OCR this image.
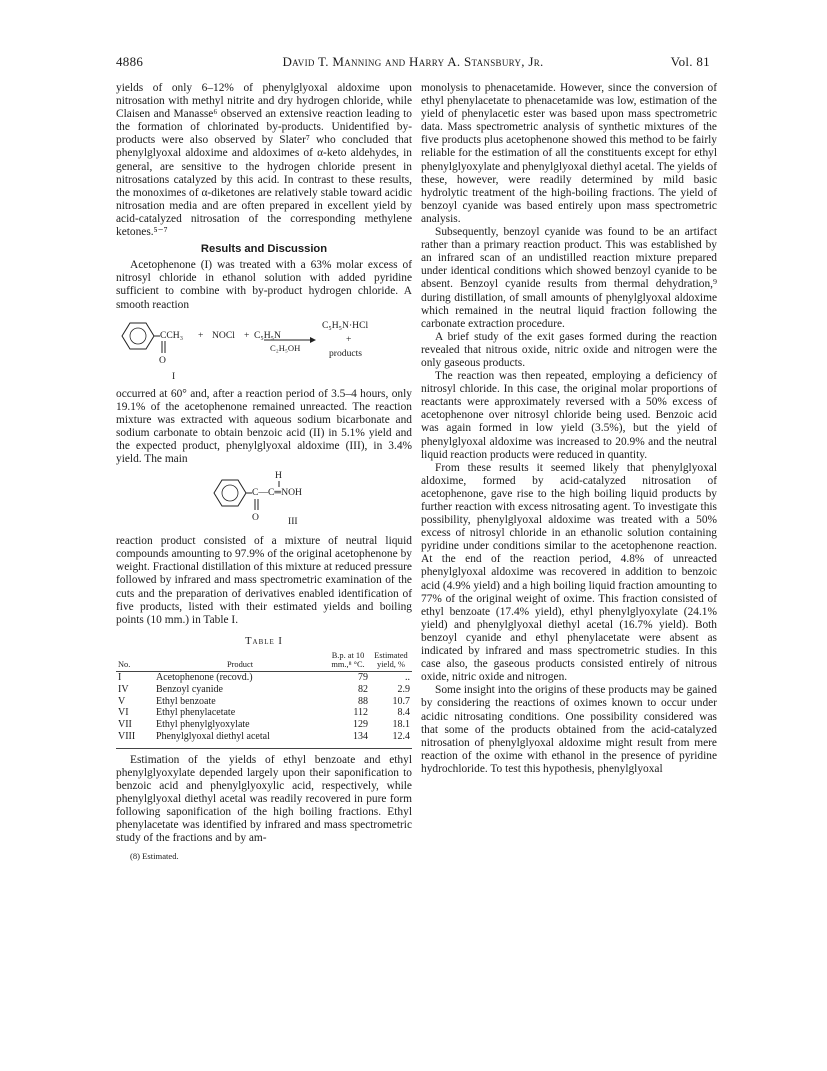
4886	David T. Manning and Harry A. Stansbury, Jr.	Vol. 81

yields of only 6–12% of phenylglyoxal aldoxime upon nitrosation with methyl nitrite and dry hydrogen chloride, while Claisen and Manasse⁶ observed an extensive reaction leading to the formation of chlorinated by-products. Unidentified by-products were also observed by Slater⁷ who concluded that phenylglyoxal aldoxime and aldoximes of α-keto aldehydes, in general, are sensitive to the hydrogen chloride present in nitrosations catalyzed by this acid. In contrast to these results, the monoximes of α-diketones are relatively stable toward acidic nitrosation media and are often prepared in excellent yield by acid-catalyzed nitrosation of the corresponding methylene ketones.⁵⁻⁷

Results and Discussion

Acetophenone (I) was treated with a 63% molar excess of nitrosyl chloride in ethanol solution with added pyridine sufficient to combine with by-product hydrogen chloride. A smooth reaction

CCH₃
O
+ NOCl + C₅H₅N
C₂H₅OH
C₅H₅N·HCl
+
products
I

occurred at 60° and, after a reaction period of 3.5–4 hours, only 19.1% of the acetophenone remained unreacted. The reaction mixture was extracted with aqueous sodium bicarbonate and sodium carbonate to obtain benzoic acid (II) in 5.1% yield and the expected product, phenylglyoxal aldoxime (III), in 3.4% yield. The main

H
C—C═NOH
O	III

reaction product consisted of a mixture of neutral liquid compounds amounting to 97.9% of the original acetophenone by weight. Fractional distillation of this mixture at reduced pressure followed by infrared and mass spectrometric examination of the cuts and the preparation of derivatives enabled identification of five products, listed with their estimated yields and boiling points (10 mm.) in Table I.

Table I
No.	Product	B.p. at 10 mm.,⁸ °C.	Estimated yield, %
I	Acetophenone (recovd.)	79	..
IV	Benzoyl cyanide	82	2.9
V	Ethyl benzoate	88	10.7
VI	Ethyl phenylacetate	112	8.4
VII	Ethyl phenylglyoxylate	129	18.1
VIII	Phenylglyoxal diethyl acetal	134	12.4

Estimation of the yields of ethyl benzoate and ethyl phenylglyoxylate depended largely upon their saponification to benzoic acid and phenylglyoxylic acid, respectively, while phenylglyoxal diethyl acetal was readily recovered in pure form following saponification of the high boiling fractions. Ethyl phenylacetate was identified by infrared and mass spectrometric study of the fractions and by am-

(8) Estimated.

monolysis to phenacetamide. However, since the conversion of ethyl phenylacetate to phenacetamide was low, estimation of the yield of phenylacetic ester was based upon mass spectrometric data. Mass spectrometric analysis of synthetic mixtures of the five products plus acetophenone showed this method to be fairly reliable for the estimation of all the constituents except for ethyl phenylglyoxylate and phenylglyoxal diethyl acetal. The yields of these, however, were readily determined by mild basic hydrolytic treatment of the high-boiling fractions. The yield of benzoyl cyanide was based entirely upon mass spectrometric analysis.

Subsequently, benzoyl cyanide was found to be an artifact rather than a primary reaction product. This was established by an infrared scan of an undistilled reaction mixture prepared under identical conditions which showed benzoyl cyanide to be absent. Benzoyl cyanide results from thermal dehydration,⁹ during distillation, of small amounts of phenylglyoxal aldoxime which remained in the neutral liquid fraction following the carbonate extraction procedure.

A brief study of the exit gases formed during the reaction revealed that nitrous oxide, nitric oxide and nitrogen were the only gaseous products.

The reaction was then repeated, employing a deficiency of nitrosyl chloride. In this case, the original molar proportions of reactants were approximately reversed with a 50% excess of acetophenone over nitrosyl chloride being used. Benzoic acid was again formed in low yield (3.5%), but the yield of phenylglyoxal aldoxime was increased to 20.9% and the neutral liquid reaction products were reduced in quantity.

From these results it seemed likely that phenylglyoxal aldoxime, formed by acid-catalyzed nitrosation of acetophenone, gave rise to the high boiling liquid products by further reaction with excess nitrosating agent. To investigate this possibility, phenylglyoxal aldoxime was treated with a 50% excess of nitrosyl chloride in an ethanolic solution containing pyridine under conditions similar to the acetophenone reaction. At the end of the reaction period, 4.8% of unreacted phenylglyoxal aldoxime was recovered in addition to benzoic acid (4.9% yield) and a high boiling liquid fraction amounting to 77% of the original weight of oxime. This fraction consisted of ethyl benzoate (17.4% yield), ethyl phenylglyoxylate (24.1% yield) and phenylglyoxal diethyl acetal (16.7% yield). Both benzoyl cyanide and ethyl phenylacetate were absent as indicated by infrared and mass spectrometric studies. In this case also, the gaseous products consisted entirely of nitrous oxide, nitric oxide and nitrogen.

Some insight into the origins of these products may be gained by considering the reactions of oximes known to occur under acidic nitrosating conditions. One possibility considered was that some of the products obtained from the acid-catalyzed nitrosation of phenylglyoxal aldoxime might result from mere reaction of the oxime with ethanol in the presence of pyridine hydrochloride. To test this hypothesis, phenylglyoxal
